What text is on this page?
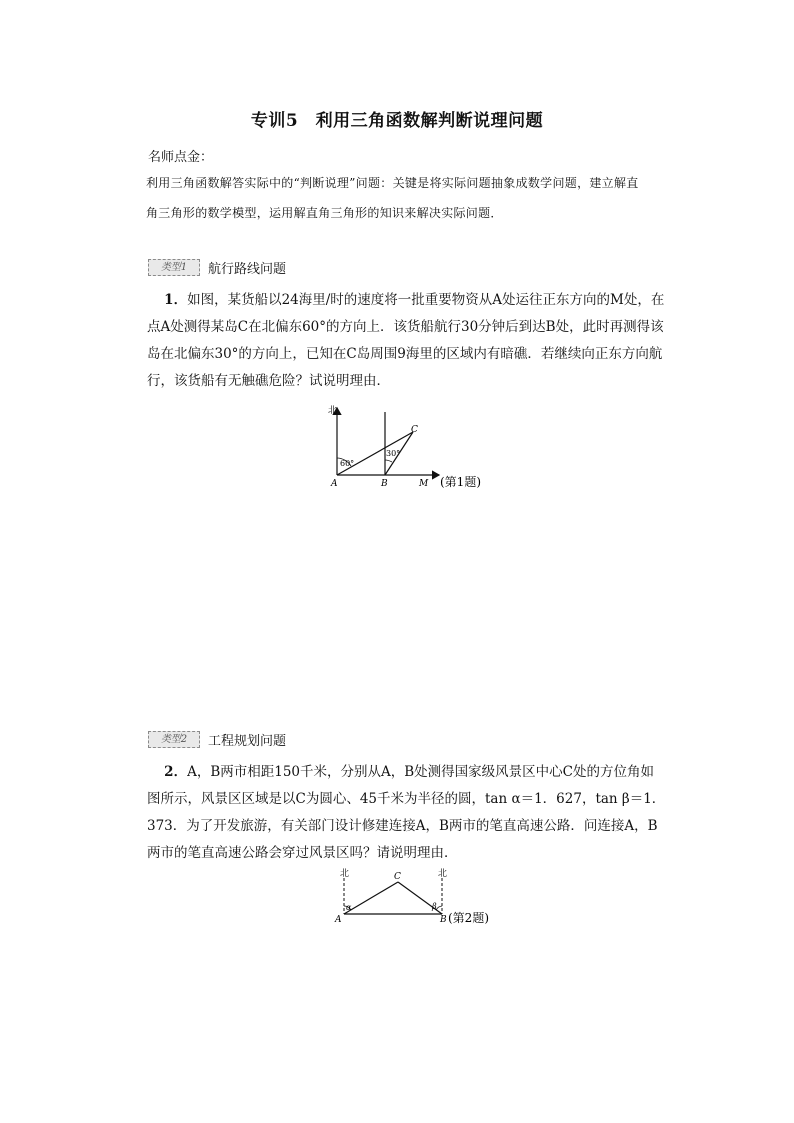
专训5　利用三角函数解判断说理问题
名师点金：
利用三角函数解答实际中的“判断说理”问题：关键是将实际问题抽象成数学问题，建立解直角三角形的数学模型，运用解直角三角形的知识来解决实际问题．
类型1	航行路线问题
1．如图，某货船以24海里/时的速度将一批重要物资从A处运往正东方向的M处，在点A处测得某岛C在北偏东60°的方向上．该货船航行30分钟后到达B处，此时再测得该岛在北偏东30°的方向上，已知在C岛周围9海里的区域内有暗礁．若继续向正东方向航行，该货船有无触礁危险？试说明理由．
北
60°
30°
C
A	B	M (第1题)
类型2	工程规划问题
2．A，B两市相距150千米，分别从A，B处测得国家级风景区中心C处的方位角如图所示，风景区区域是以C为圆心、45千米为半径的圆，tan α＝1．627，tan β＝1．373．为了开发旅游，有关部门设计修建连接A，B两市的笔直高速公路．问连接A，B两市的笔直高速公路会穿过风景区吗？请说明理由．
北	北
C
α	β
A	B (第2题)
